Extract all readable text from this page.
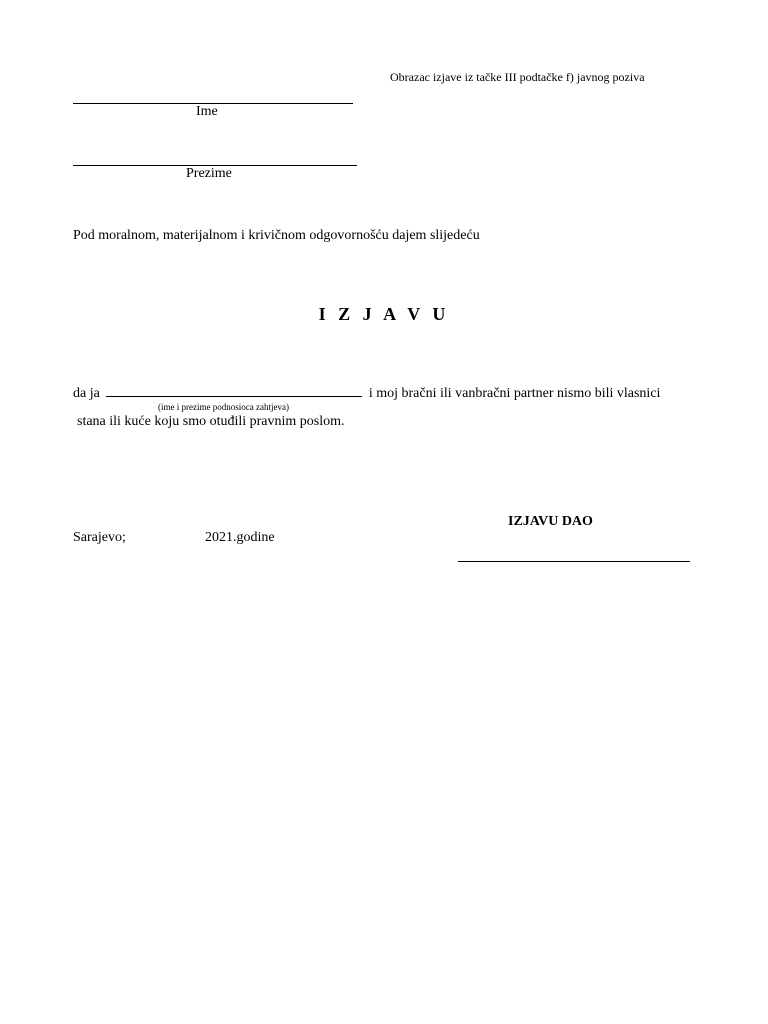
Obrazac izjave iz tačke III podtačke f) javnog poziva
Ime
Prezime
Pod moralnom, materijalnom i krivičnom odgovornošću dajem slijedeću
I Z J A V U
da ja	i moj bračni ili vanbračni partner nismo bili vlasnici
(ime i prezime podnosioca zahtjeva)
stana ili kuće koju smo otuđili pravnim poslom.
IZJAVU DAO
Sarajevo;	2021.godine
